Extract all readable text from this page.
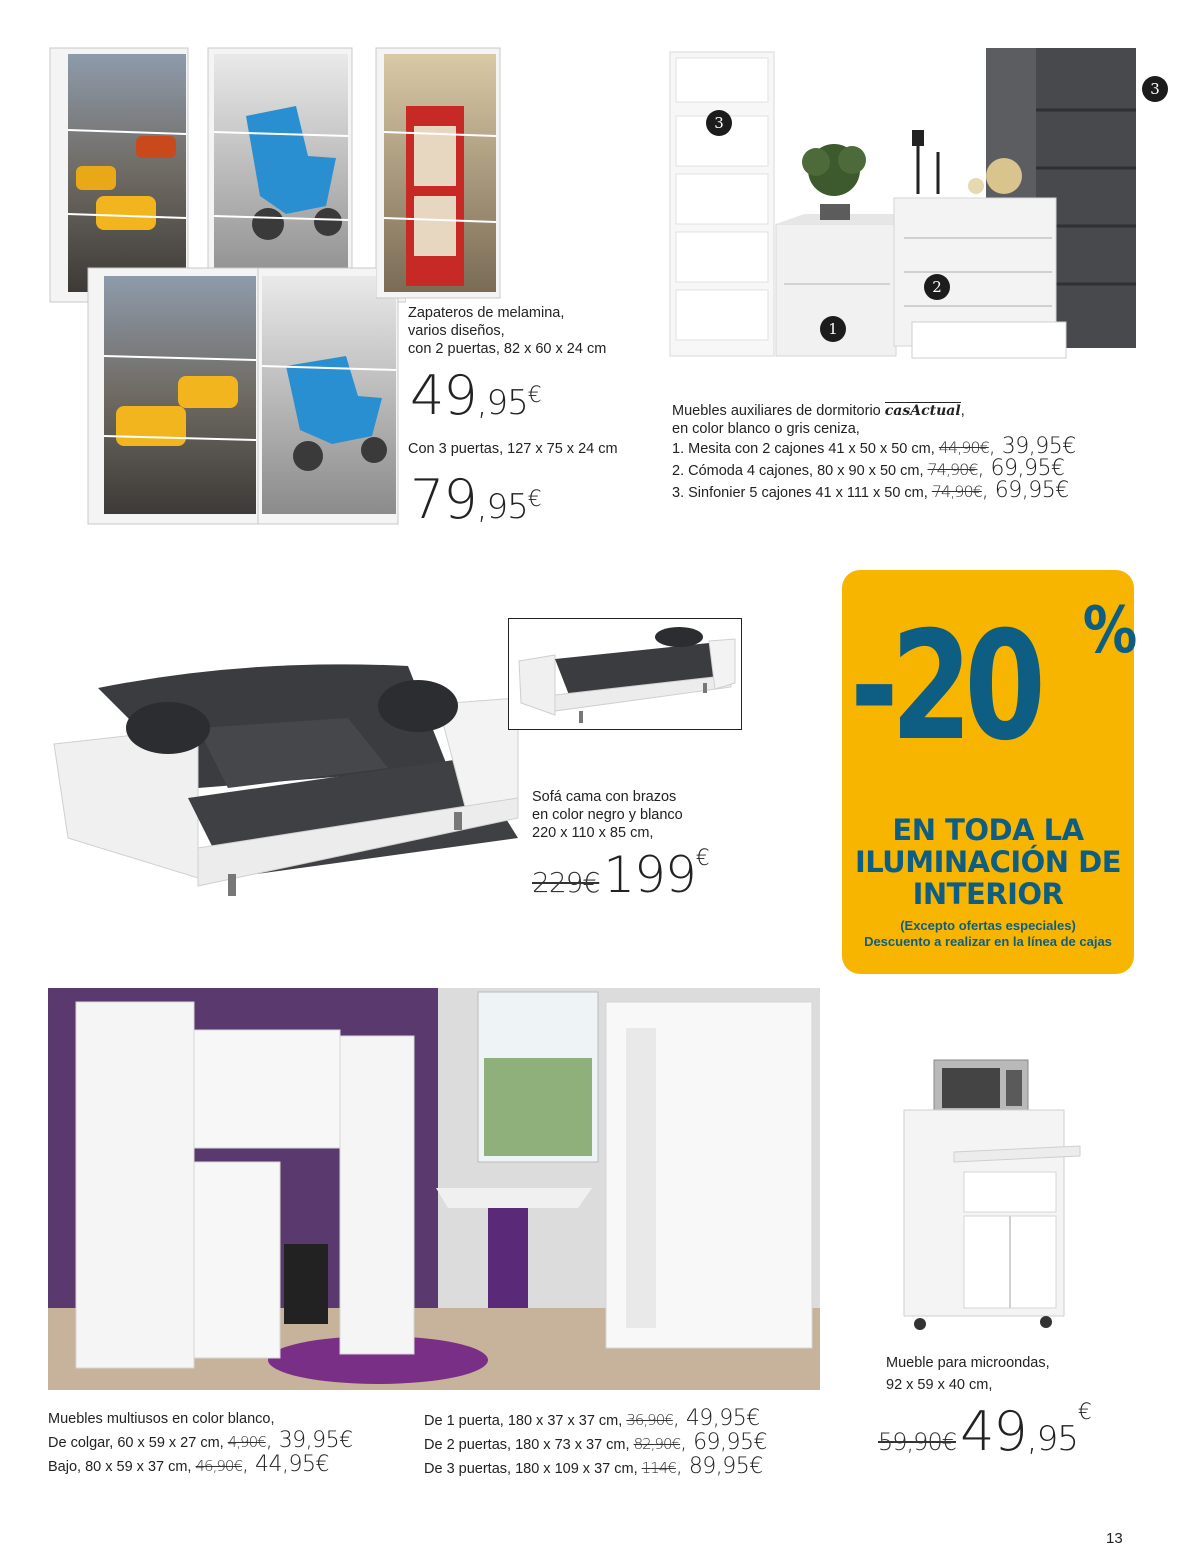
Zapateros de melamina,
varios diseños,
con 2 puertas, 82 x 60 x 24 cm
49,95€
Con 3 puertas, 127 x 75 x 24 cm
79,95€
3
3
2
1
Muebles auxiliares de dormitorio casActual,
en color blanco o gris ceniza,
1. Mesita con 2 cajones 41 x 50 x 50 cm, 44,90€, 39,95€
2. Cómoda 4 cajones, 80 x 90 x 50 cm, 74,90€, 69,95€
3. Sinfonier 5 cajones 41 x 111 x 50 cm, 74,90€, 69,95€
Sofá cama con brazos
en color negro y blanco
220 x 110 x 85 cm,
229€ 199€
-20 %
EN TODA LA
ILUMINACIÓN DE
INTERIOR
(Excepto ofertas especiales)
Descuento a realizar en la línea de cajas
Muebles multiusos en color blanco,
De colgar, 60 x 59 x 27 cm, 4,90€, 39,95€
Bajo, 80 x 59 x 37 cm, 46,90€, 44,95€
De 1 puerta, 180 x 37 x 37 cm, 36,90€, 49,95€
De 2 puertas, 180 x 73 x 37 cm, 82,90€, 69,95€
De 3 puertas, 180 x 109 x 37 cm, 114€, 89,95€
Mueble para microondas,
92 x 59 x 40 cm,
59,90€ 49,95€
13
